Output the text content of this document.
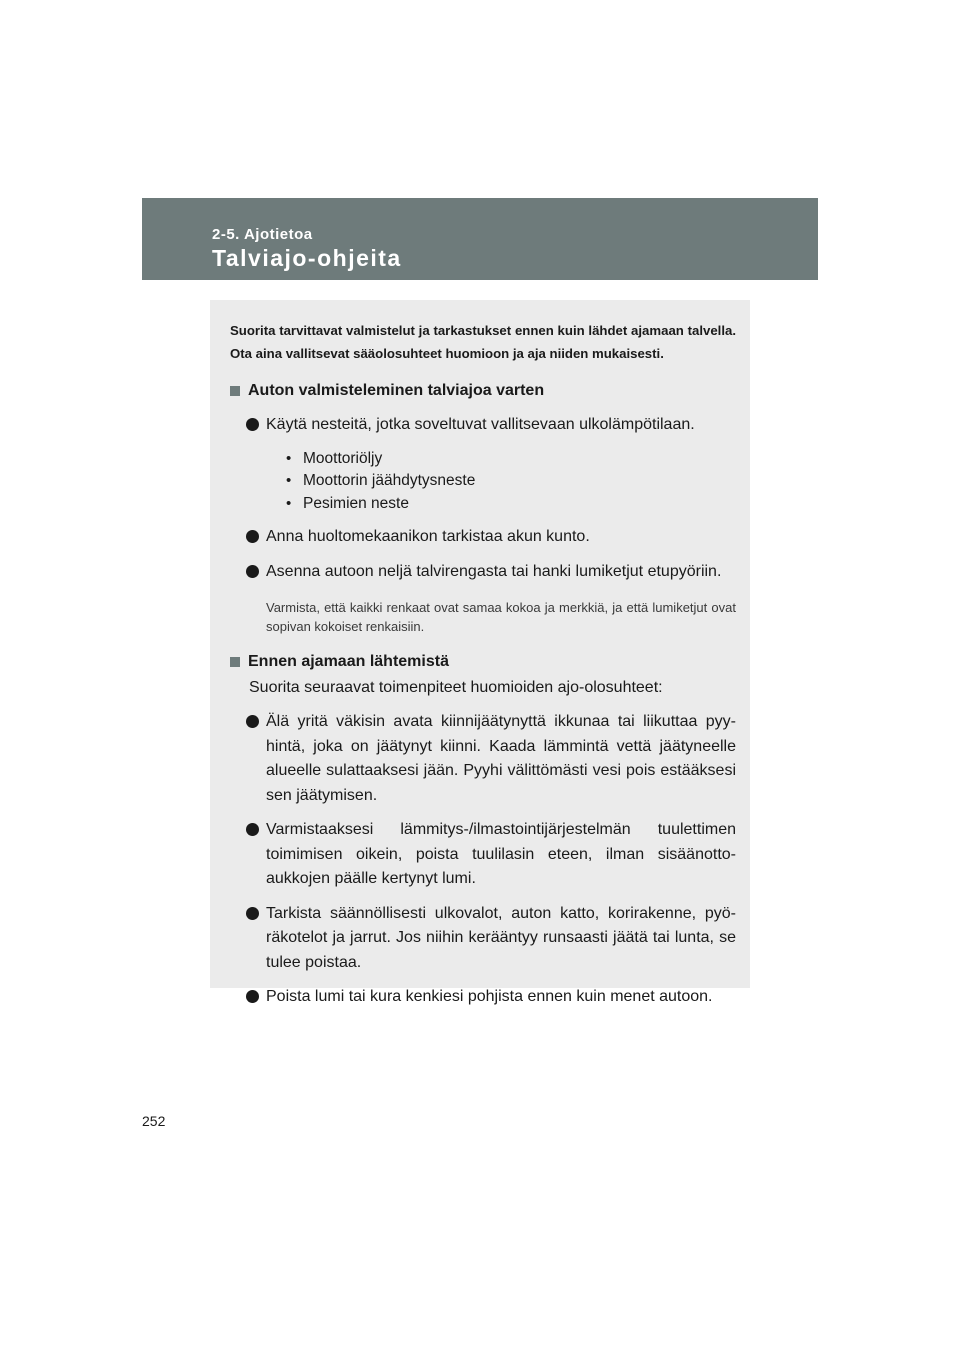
2-5. Ajotietoa
Talviajo-ohjeita

Suorita tarvittavat valmistelut ja tarkastukset ennen kuin lähdet ajamaan talvella. Ota aina vallitsevat sääolosuhteet huomioon ja aja niiden mukaisesti.

Auton valmisteleminen talviajoa varten
Käytä nesteitä, jotka soveltuvat vallitsevaan ulkolämpötilaan.
• Moottoriöljy
• Moottorin jäähdytysneste
• Pesimien neste
Anna huoltomekaanikon tarkistaa akun kunto.
Asenna autoon neljä talvirengasta tai hanki lumiketjut etupyöriin.
Varmista, että kaikki renkaat ovat samaa kokoa ja merkkiä, ja että lumiketjut ovat sopivan kokoiset renkaisiin.
Ennen ajamaan lähtemistä
Suorita seuraavat toimenpiteet huomioiden ajo-olosuhteet:
Älä yritä väkisin avata kiinnijäätynyttä ikkunaa tai liikuttaa pyyhintä, joka on jäätynyt kiinni. Kaada lämmintä vettä jäätyneelle alueelle sulattaaksesi jään. Pyyhi välittömästi vesi pois estääksesi sen jäätymisen.
Varmistaaksesi lämmitys-/ilmastointijärjestelmän tuulettimen toimimisen oikein, poista tuulilasin eteen, ilman sisäänottoaukkojen päälle kertynyt lumi.
Tarkista säännöllisesti ulkovalot, auton katto, korirakenne, pyöräkotelot ja jarrut. Jos niihin kerääntyy runsaasti jäätä tai lunta, se tulee poistaa.
Poista lumi tai kura kenkiesi pohjista ennen kuin menet autoon.
252
